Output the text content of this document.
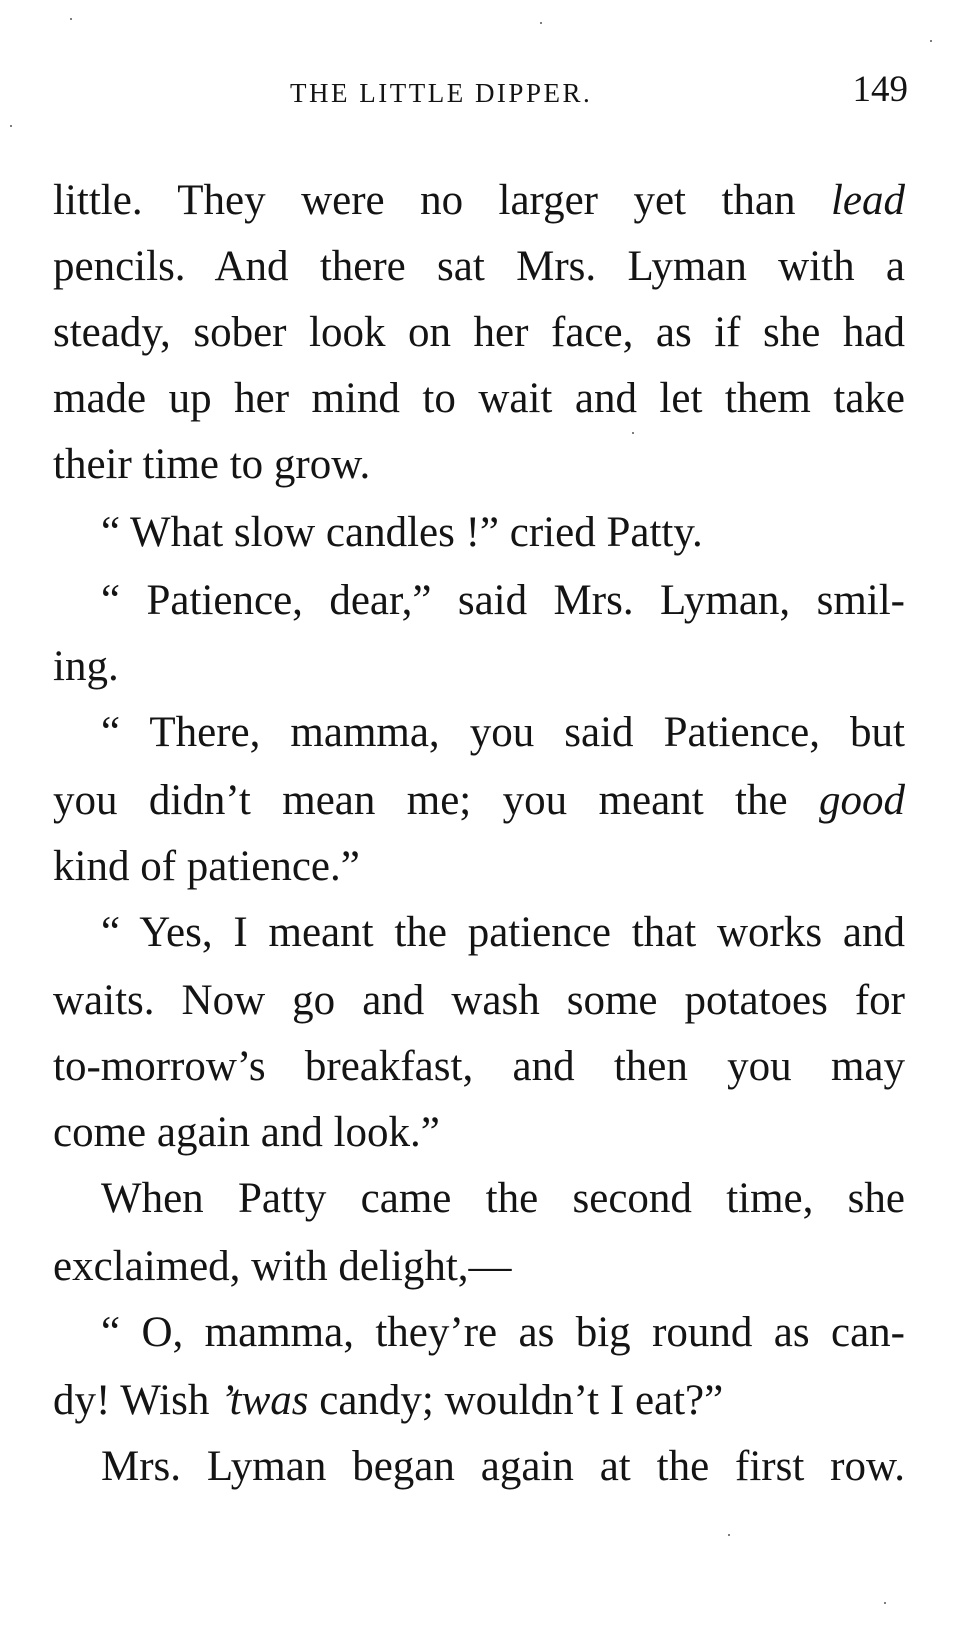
THE LITTLE DIPPER.	149
little. They were no larger yet than lead
pencils. And there sat Mrs. Lyman with a
steady, sober look on her face, as if she had
made up her mind to wait and let them take
their time to grow.
“ What slow candles !” cried Patty.
“ Patience, dear,” said Mrs. Lyman, smil-
ing.
“ There, mamma, you said Patience, but
you didn’t mean me; you meant the good
kind of patience.”
“ Yes, I meant the patience that works and
waits. Now go and wash some potatoes for
to-morrow’s breakfast, and then you may
come again and look.”
When Patty came the second time, she
exclaimed, with delight,—
“ O, mamma, they’re as big round as can-
dy! Wish ’twas candy; wouldn’t I eat?”
Mrs. Lyman began again at the first row.
